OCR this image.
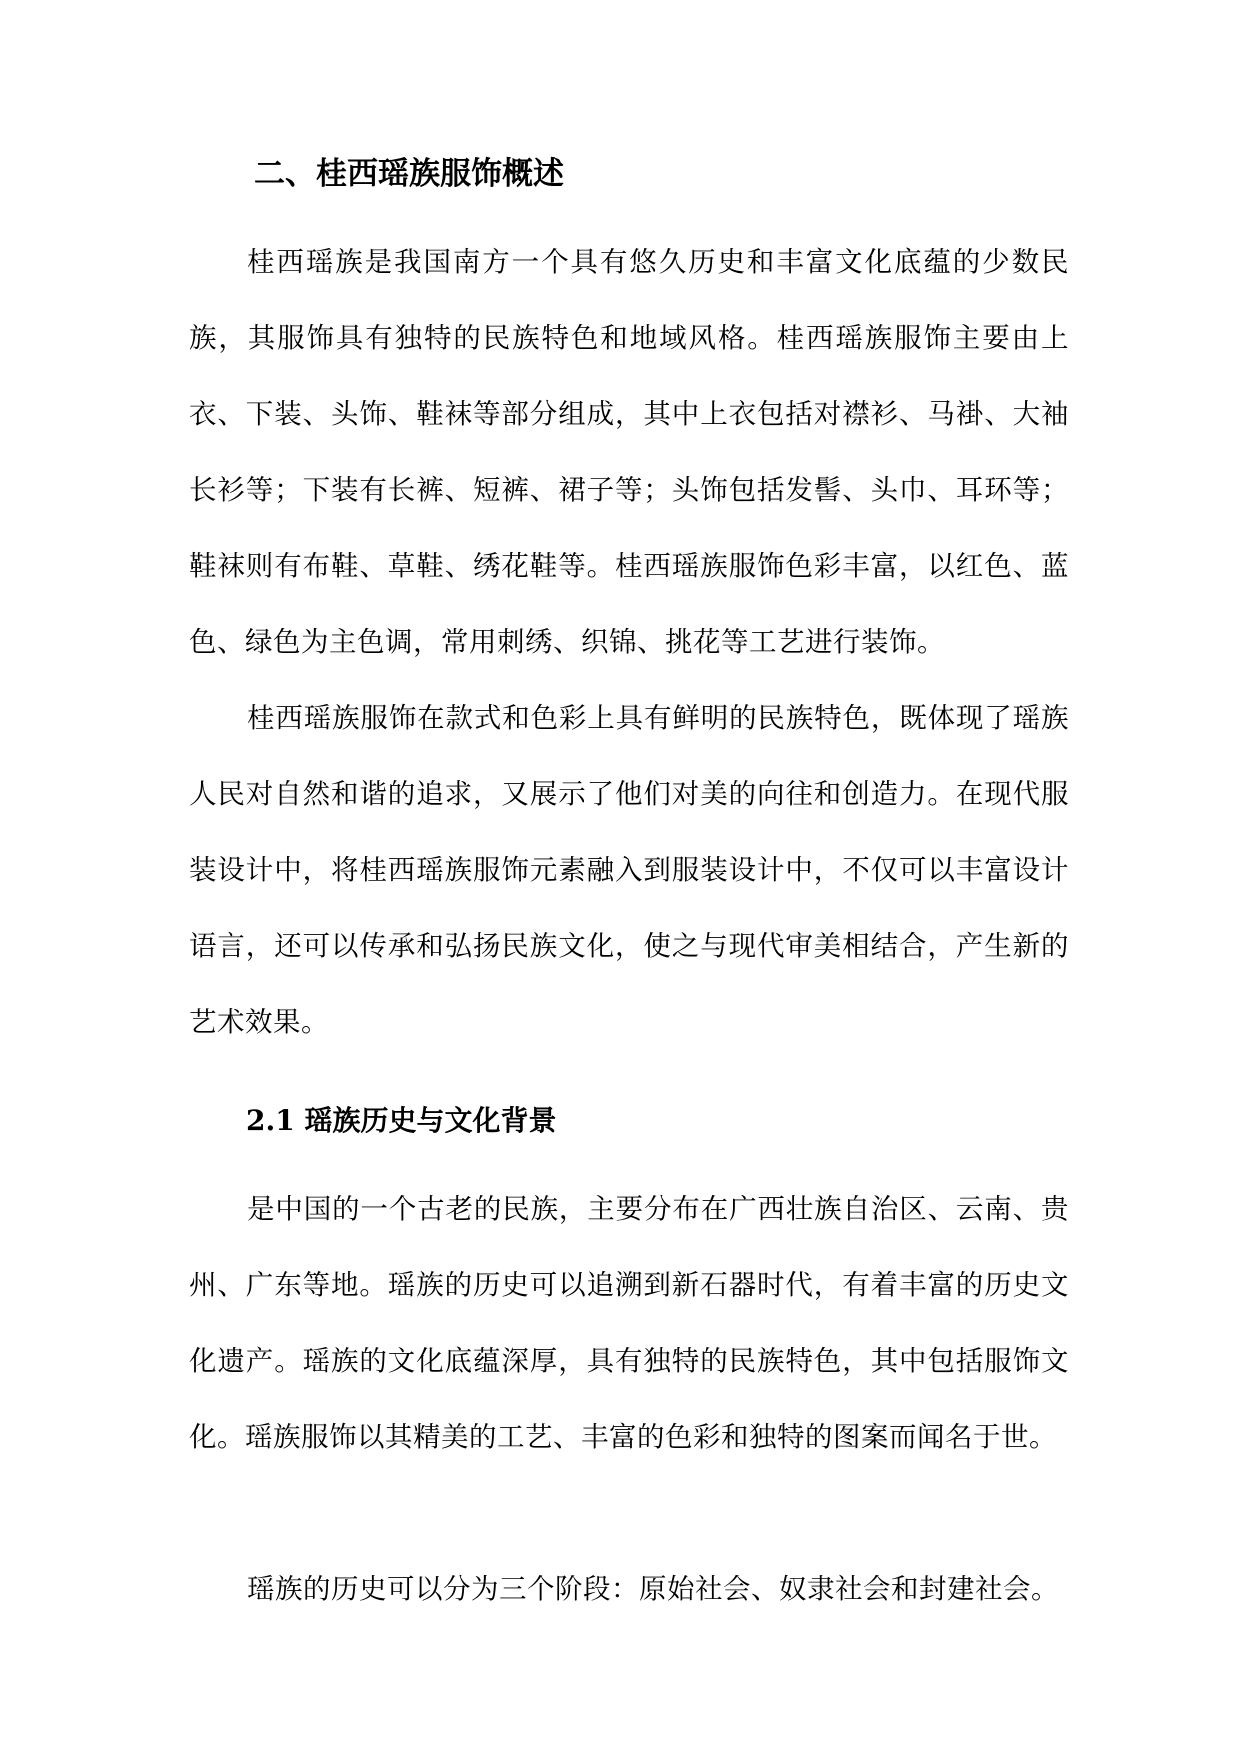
二、桂西瑶族服饰概述

桂西瑶族是我国南方一个具有悠久历史和丰富文化底蕴的少数民族，其服饰具有独特的民族特色和地域风格。桂西瑶族服饰主要由上衣、下装、头饰、鞋袜等部分组成，其中上衣包括对襟衫、马褂、大袖长衫等；下装有长裤、短裤、裙子等；头饰包括发髻、头巾、耳环等；鞋袜则有布鞋、草鞋、绣花鞋等。桂西瑶族服饰色彩丰富，以红色、蓝色、绿色为主色调，常用刺绣、织锦、挑花等工艺进行装饰。

桂西瑶族服饰在款式和色彩上具有鲜明的民族特色，既体现了瑶族人民对自然和谐的追求，又展示了他们对美的向往和创造力。在现代服装设计中，将桂西瑶族服饰元素融入到服装设计中，不仅可以丰富设计语言，还可以传承和弘扬民族文化，使之与现代审美相结合，产生新的艺术效果。

2.1 瑶族历史与文化背景

是中国的一个古老的民族，主要分布在广西壮族自治区、云南、贵州、广东等地。瑶族的历史可以追溯到新石器时代，有着丰富的历史文化遗产。瑶族的文化底蕴深厚，具有独特的民族特色，其中包括服饰文化。瑶族服饰以其精美的工艺、丰富的色彩和独特的图案而闻名于世。

瑶族的历史可以分为三个阶段：原始社会、奴隶社会和封建社会。
